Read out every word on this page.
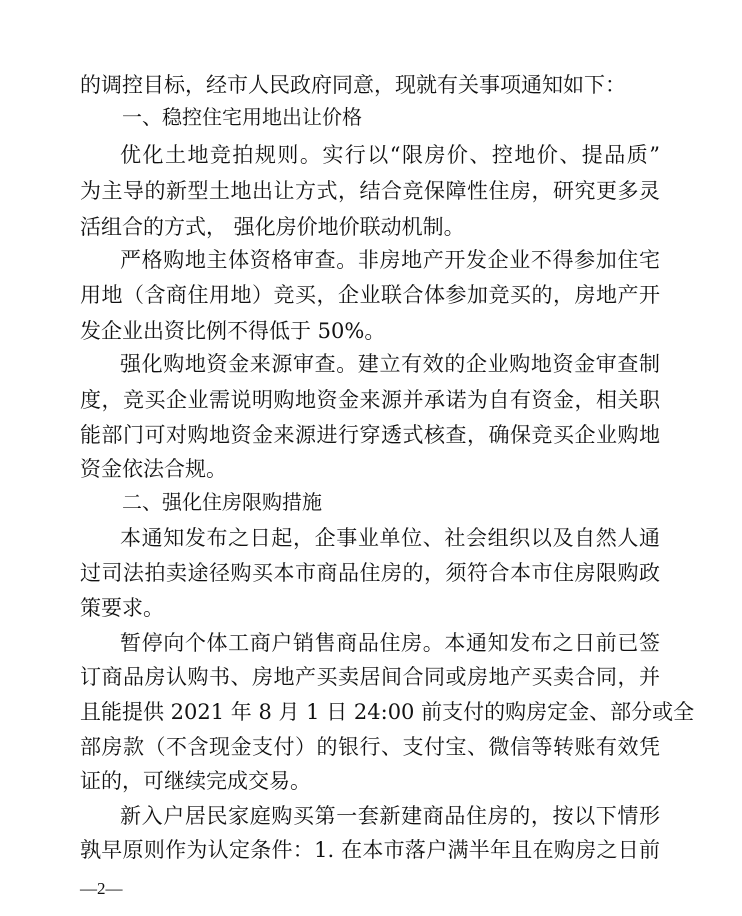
的调控目标，经市人民政府同意，现就有关事项通知如下：
一、稳控住宅用地出让价格
优化土地竞拍规则。实行以“限房价、控地价、提品质”
为主导的新型土地出让方式，结合竞保障性住房，研究更多灵
活组合的方式， 强化房价地价联动机制。
严格购地主体资格审查。非房地产开发企业不得参加住宅
用地（含商住用地）竞买，企业联合体参加竞买的，房地产开
发企业出资比例不得低于 50%。
强化购地资金来源审查。建立有效的企业购地资金审查制
度，竞买企业需说明购地资金来源并承诺为自有资金，相关职
能部门可对购地资金来源进行穿透式核查，确保竞买企业购地
资金依法合规。
二、强化住房限购措施
本通知发布之日起，企事业单位、社会组织以及自然人通
过司法拍卖途径购买本市商品住房的，须符合本市住房限购政
策要求。
暂停向个体工商户销售商品住房。本通知发布之日前已签
订商品房认购书、房地产买卖居间合同或房地产买卖合同，并
且能提供 2021 年 8 月 1 日 24:00 前支付的购房定金、部分或全
部房款（不含现金支付）的银行、支付宝、微信等转账有效凭
证的，可继续完成交易。
新入户居民家庭购买第一套新建商品住房的，按以下情形
孰早原则作为认定条件：1. 在本市落户满半年且在购房之日前
—2—
